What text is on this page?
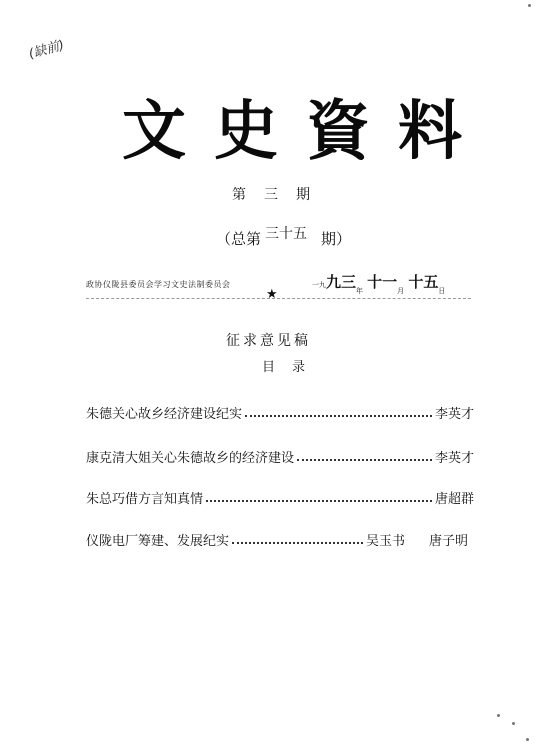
(缺前)
文 史 資 料
第 三 期
（总第 三十五 期）
政协仪陇县委员会学习文史法制委员会	一九九三$_年$ 十一$_月$ 十五$_日$
★
征求意见稿
目　录
朱德关心故乡经济建设纪实	李英才
康克清大姐关心朱德故乡的经济建设	李英才
朱总巧借方言知真情	唐超群
仪陇电厂筹建、发展纪实	吴玉书 唐子明
